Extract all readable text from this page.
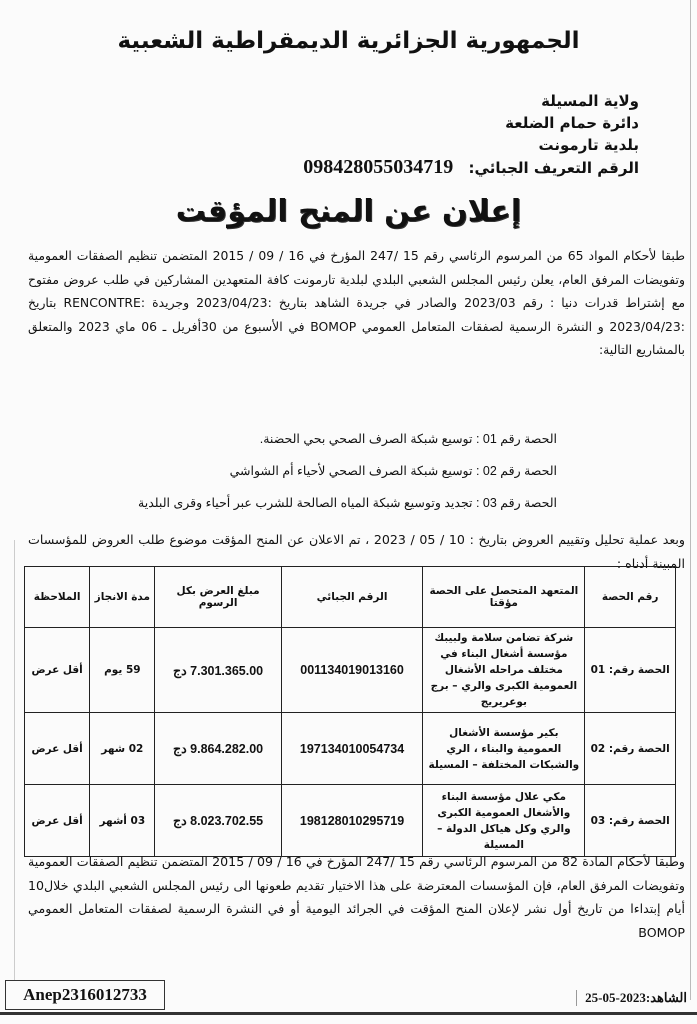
الجمهورية الجزائرية الديمقراطية الشعبية
ولاية المسيلة
دائرة حمام الضلعة
بلدية تارمونت
الرقم التعريف الجبائي: 098428055034719
إعلان عن المنح المؤقت
طبقا لأحكام المواد 65 من المرسوم الرئاسي رقم 15 /247 المؤرخ في 16 / 09 / 2015 المتضمن تنظيم الصفقات العمومية وتفويضات المرفق العام، يعلن رئيس المجلس الشعبي البلدي لبلدية تارمونت كافة المتعهدين المشاركين في طلب عروض مفتوح مع إشتراط قدرات دنيا : رقم 2023/03 والصادر في جريدة الشاهد بتاريخ :2023/04/23 وجريدة :RENCONTRE بتاريخ :2023/04/23 و النشرة الرسمية لصفقات المتعامل العمومي BOMOP في الأسبوع من 30أفريل ـ 06 ماي 2023 والمتعلق بالمشاريع التالية:
الحصة رقم 01 : توسيع شبكة الصرف الصحي بحي الحضنة.
الحصة رقم 02 : توسيع شبكة الصرف الصحي لأحياء أم الشواشي
الحصة رقم 03 : تجديد وتوسيع شبكة المياه الصالحة للشرب عبر أحياء وقرى البلدية
وبعد عملية تحليل وتقييم العروض بتاريخ : 10 / 05 / 2023 ، تم الاعلان عن المنح المؤقت موضوع طلب العروض للمؤسسات المبينة أدناه :
رقم الحصة	المتعهد المتحصل على الحصة مؤقتا	الرقم الجبائي	مبلغ العرض بكل الرسوم	مدة الانجاز	الملاحظة
الحصة رقم: 01	شركة تضامن سلامة ولبيبك مؤسسة أشغال البناء في مختلف مراحله الأشغال العمومية الكبرى والري – برج بوعريريج	001134019013160	7.301.365.00 دج	59 يوم	أقل عرض
الحصة رقم: 02	بكير مؤسسة الأشغال العمومية والبناء ، الري والشبكات المختلفة – المسيلة	197134010054734	9.864.282.00 دج	02 شهر	أقل عرض
الحصة رقم: 03	مكي علال مؤسسة البناء والأشغال العمومية الكبرى والري وكل هياكل الدولة – المسيلة	198128010295719	8.023.702.55 دج	03 أشهر	أقل عرض
وطبقا لأحكام المادة 82 من المرسوم الرئاسي رقم 15 /247 المؤرخ في 16 / 09 / 2015 المتضمن تنظيم الصفقات العمومية وتفويضات المرفق العام، فإن المؤسسات المعترضة على هذا الاختيار تقديم طعونها الى رئيس المجلس الشعبي البلدي خلال10 أيام إبتداءا من تاريخ أول نشر لإعلان المنح المؤقت في الجرائد اليومية أو في النشرة الرسمية لصفقات المتعامل العمومي BOMOP
Anep2316012733	الشاهد:2023-05-25
